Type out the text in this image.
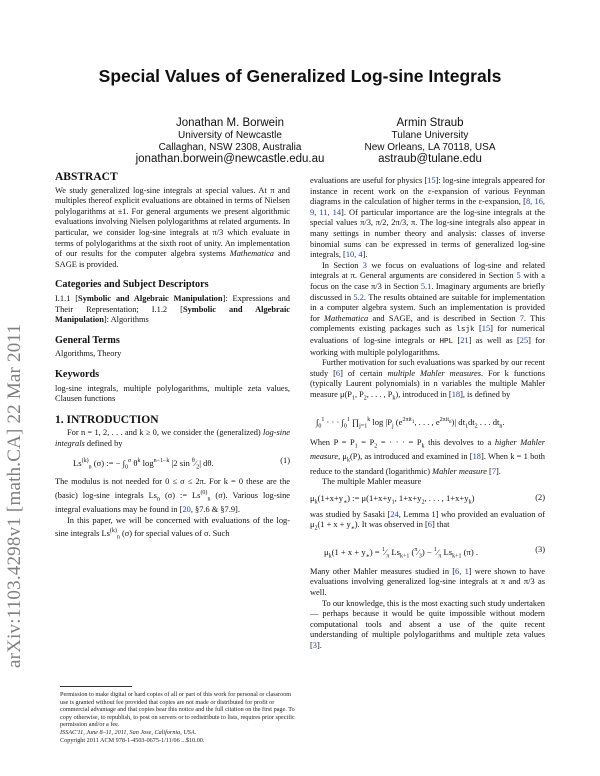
Special Values of Generalized Log-sine Integrals
Jonathan M. Borwein
University of Newcastle
Callaghan, NSW 2308, Australia
jonathan.borwein@newcastle.edu.au
Armin Straub
Tulane University
New Orleans, LA 70118, USA
astraub@tulane.edu
arXiv:1103.4298v1 [math.CA] 22 Mar 2011
ABSTRACT

We study generalized log-sine integrals at special values. At π and multiples thereof explicit evaluations are obtained in terms of Nielsen polylogarithms at ±1. For general arguments we present algorithmic evaluations involving Nielsen polylogarithms at related arguments. In particular, we consider log-sine integrals at π/3 which evaluate in terms of polylogarithms at the sixth root of unity. An implementation of our results for the computer algebra systems Mathematica and SAGE is provided.

Categories and Subject Descriptors

I.1.1 [Symbolic and Algebraic Manipulation]: Expressions and Their Representation; I.1.2 [Symbolic and Algebraic Manipulation]: Algorithms

General Terms

Algorithms, Theory

Keywords

log-sine integrals, multiple polylogarithms, multiple zeta values, Clausen functions

1. INTRODUCTION

For n = 1, 2, . . . and k ≥ 0, we consider the (generalized) log-sine integrals defined by

$Ls^{(k)}_n$ (σ) := − $\int_0^\sigma$ $\theta^k$ $\log^{n-1-k} |2$ $\sin ^\theta⁄_2|$ dθ.	(1)

The modulus is not needed for 0 ≤ σ ≤ 2π. For k = 0 these are the (basic) log-sine integrals $Ls_n$ (σ) := $Ls^{(0)}_n$ (σ). Various log-sine integral evaluations may be found in [20, §7.6 & §7.9].

In this paper, we will be concerned with evaluations of the log-sine integrals $Ls^{(k)}_n$ (σ) for special values of σ. Such

Permission to make digital or hard copies of all or part of this work for personal or classroom use is granted without fee provided that copies are not made or distributed for profit or commercial advantage and that copies bear this notice and the full citation on the first page. To copy otherwise, to republish, to post on servers or to redistribute to lists, requires prior specific permission and/or a fee.
ISSAC'11, June 8–11, 2011, San Jose, California, USA.
Copyright 2011 ACM 978-1-4503-0675-1/11/06 ...$10.00.

evaluations are useful for physics [15]: log-sine integrals appeared for instance in recent work on the ε-expansion of various Feynman diagrams in the calculation of higher terms in the ε-expansion, [8, 16, 9, 11, 14]. Of particular importance are the log-sine integrals at the special values π/3, π/2, 2π/3, π. The log-sine integrals also appear in many settings in number theory and analysis: classes of inverse binomial sums can be expressed in terms of generalized log-sine integrals, [10, 4].

In Section 3 we focus on evaluations of log-sine and related integrals at π. General arguments are considered in Section 5 with a focus on the case π/3 in Section 5.1. Imaginary arguments are briefly discussed in 5.2. The results obtained are suitable for implementation in a computer algebra system. Such an implementation is provided for Mathematica and SAGE, and is described in Section 7. This complements existing packages such as lsjk [15] for numerical evaluations of log-sine integrals or HPL [21] as well as [25] for working with multiple polylogarithms.

Further motivation for such evaluations was sparked by our recent study [6] of certain multiple Mahler measures. For k functions (typically Laurent polynomials) in n variables the multiple Mahler measure $\mu(P_1$, $P_2$, . . . , $P_k$), introduced in [18], is defined by

$\int_0^1$ · · · $\int_0^1$ $\prod_{j=1}^k$ $\log |P_j$ ($e^{2\pi it_1}$, . . . , $e^{2\pi it_n})|$ $dt_1dt_2$ . . . $dt_n$.

When $P = P_1 = P_2$ = · · · = $P_k$ this devolves to a higher Mahler measure, $\mu_k(P)$, as introduced and examined in [18]. When k = 1 both reduce to the standard (logarithmic) Mahler measure [7].

The multiple Mahler measure

$\mu_k(1+x+y_∗)$ := $\mu(1+x+y_1$, $1+x+y_2$, . . . , $1+x+y_k$)	(2)

was studied by Sasaki [24, Lemma 1] who provided an evaluation of $\mu_2(1 + x + y_∗)$. It was observed in [6] that

$\mu_k(1 + x + y_∗)$ = $^1⁄_\pi$ $Ls_{k+1}$ $(^\pi⁄_3)$ − $^1⁄_\pi$ $Ls_{k+1}$ (π) .	(3)

Many other Mahler measures studied in [6, 1] were shown to have evaluations involving generalized log-sine integrals at π and π/3 as well.

To our knowledge, this is the most exacting such study undertaken — perhaps because it would be quite impossible without modern computational tools and absent a use of the quite recent understanding of multiple polylogarithms and multiple zeta values [3].
